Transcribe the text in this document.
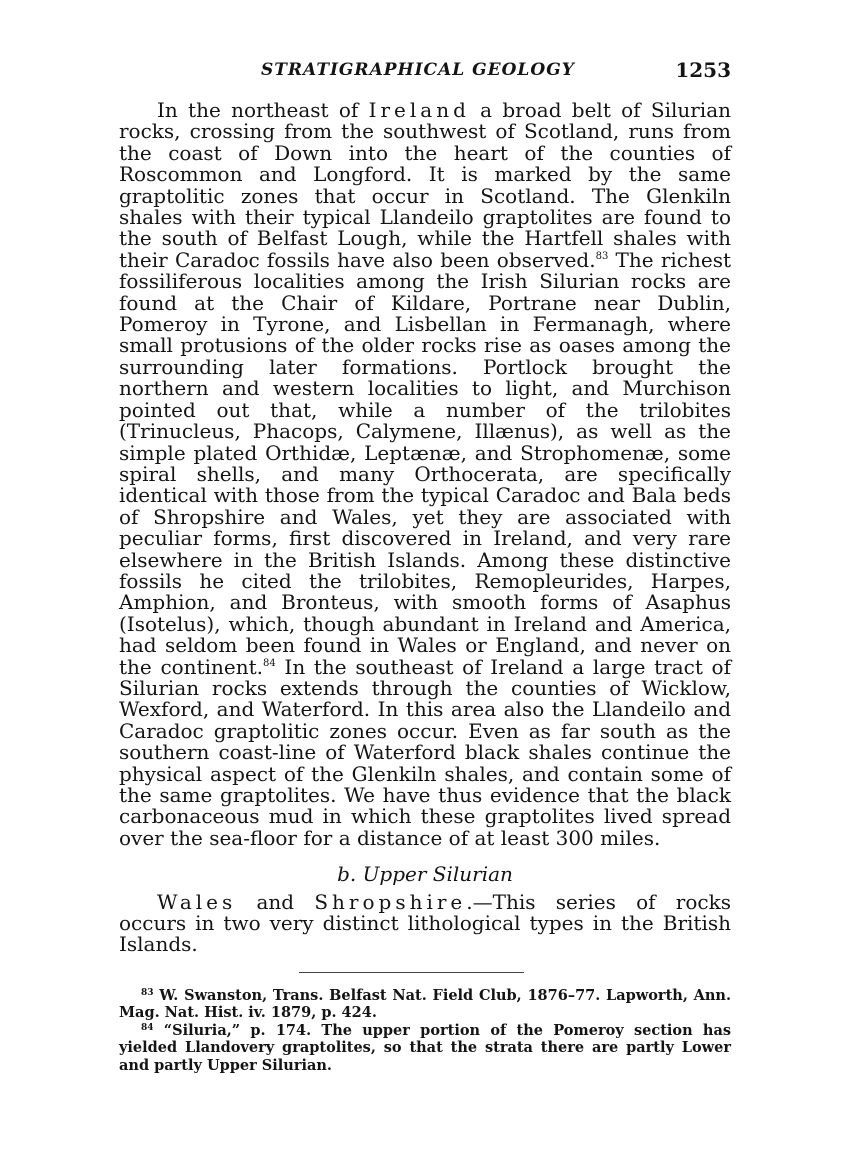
STRATIGRAPHICAL GEOLOGY	1253

In the northeast of Ireland a broad belt of Silurian rocks, crossing from the southwest of Scotland, runs from the coast of Down into the heart of the counties of Roscommon and Longford. It is marked by the same graptolitic zones that occur in Scotland. The Glenkiln shales with their typical Llandeilo graptolites are found to the south of Belfast Lough, while the Hartfell shales with their Caradoc fossils have also been observed.$^{83}$ The richest fossiliferous localities among the Irish Silurian rocks are found at the Chair of Kildare, Portrane near Dublin, Pomeroy in Tyrone, and Lisbellan in Fermanagh, where small protusions of the older rocks rise as oases among the surrounding later formations. Portlock brought the northern and western localities to light, and Murchison pointed out that, while a number of the trilobites (Trinucleus, Phacops, Calymene, Illænus), as well as the simple plated Orthidæ, Leptænæ, and Strophomenæ, some spiral shells, and many Orthocerata, are specifically identical with those from the typical Caradoc and Bala beds of Shropshire and Wales, yet they are associated with peculiar forms, first discovered in Ireland, and very rare elsewhere in the British Islands. Among these distinctive fossils he cited the trilobites, Remopleurides, Harpes, Amphion, and Bronteus, with smooth forms of Asaphus (Isotelus), which, though abundant in Ireland and America, had seldom been found in Wales or England, and never on the continent.$^{84}$ In the southeast of Ireland a large tract of Silurian rocks extends through the counties of Wicklow, Wexford, and Waterford. In this area also the Llandeilo and Caradoc graptolitic zones occur. Even as far south as the southern coast-line of Waterford black shales continue the physical aspect of the Glenkiln shales, and contain some of the same graptolites. We have thus evidence that the black carbonaceous mud in which these graptolites lived spread over the sea-floor for a distance of at least 300 miles.

b. Upper Silurian

Wales and Shropshire.—This series of rocks occurs in two very distinct lithological types in the British Islands.

$^{83}$ W. Swanston, Trans. Belfast Nat. Field Club, 1876–77. Lapworth, Ann. Mag. Nat. Hist. iv. 1879, p. 424.

$^{84}$ “Siluria,” p. 174. The upper portion of the Pomeroy section has yielded Llandovery graptolites, so that the strata there are partly Lower and partly Upper Silurian.
